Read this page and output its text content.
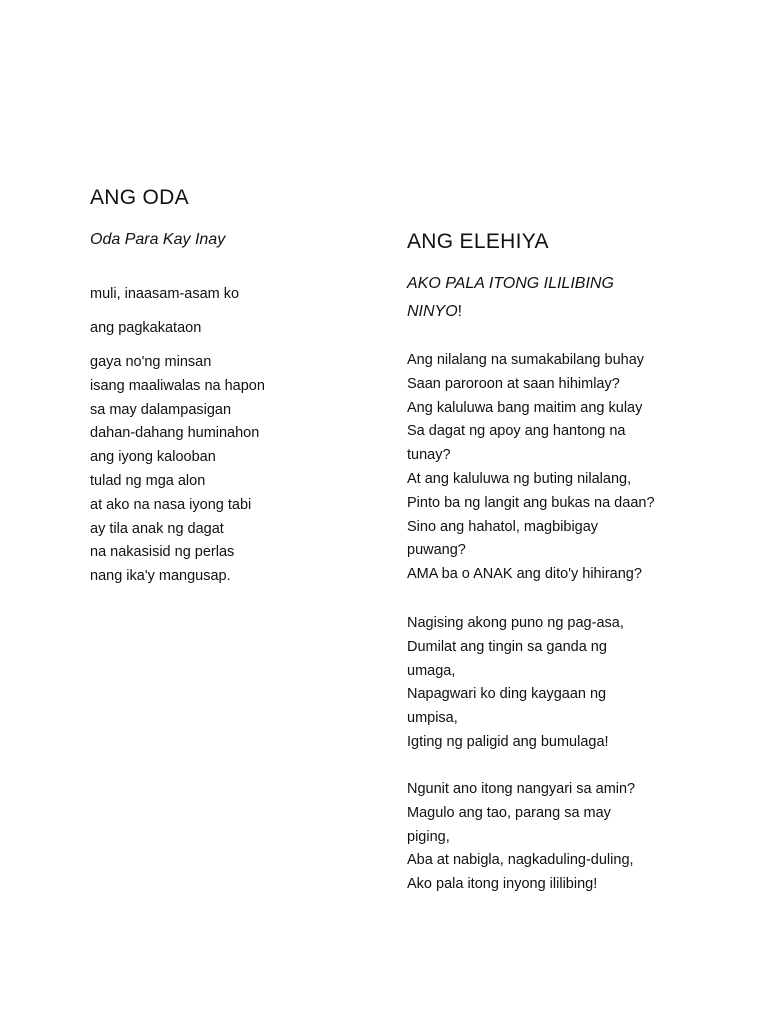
ANG ODA

Oda Para Kay Inay

muli, inaasam-asam ko

ang pagkakataon

gaya no'ng minsan

isang maaliwalas na hapon

sa may dalampasigan

dahan-dahang huminahon

ang iyong kalooban

tulad ng mga alon

at ako na nasa iyong tabi

ay tila anak ng dagat

na nakasisid ng perlas

nang ika'y mangusap.

ANG ELEHIYA

AKO PALA ITONG ILILIBING
NINYO!

Ang nilalang na sumakabilang buhay

Saan paroroon at saan hihimlay?

Ang kaluluwa bang maitim ang kulay

Sa dagat ng apoy ang hantong na

tunay?

At ang kaluluwa ng buting nilalang,

Pinto ba ng langit ang bukas na daan?

Sino ang hahatol, magbibigay

puwang?

AMA ba o ANAK ang dito'y hihirang?

Nagising akong puno ng pag-asa,

Dumilat ang tingin sa ganda ng

umaga,

Napagwari ko ding kaygaan ng

umpisa,

Igting ng paligid ang bumulaga!

Ngunit ano itong nangyari sa amin?

Magulo ang tao, parang sa may

piging,

Aba at nabigla, nagkaduling-duling,

Ako pala itong inyong ililibing!
